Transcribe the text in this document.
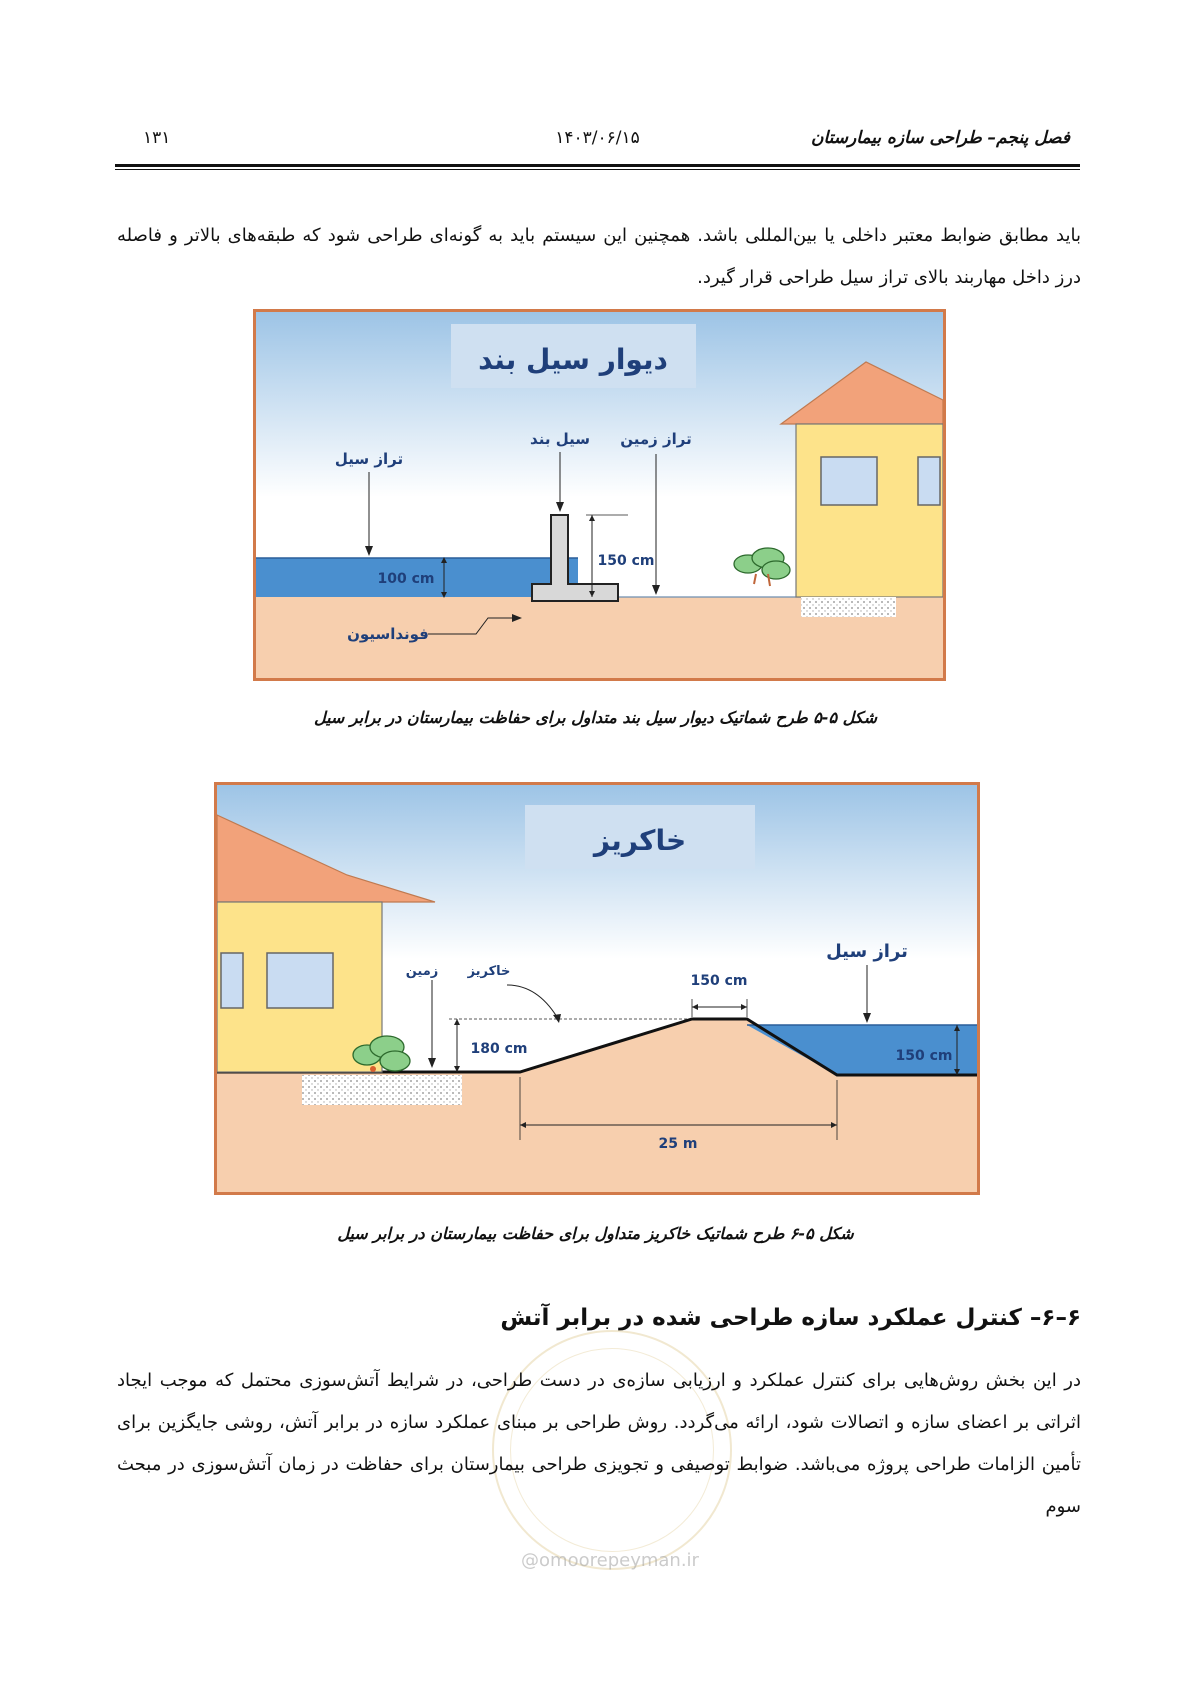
فصل پنجم– طراحی سازه بیمارستان
۱۴۰۳/۰۶/۱۵
۱۳۱

باید مطابق ضوابط معتبر داخلی یا بین‌المللی باشد. همچنین این سیستم باید به گونه‌ای طراحی شود که طبقه‌های بالاتر و فاصله درز داخل مهاربند بالای تراز سیل طراحی قرار گیرد.

دیوار سیل بند
تراز سیل
سیل بند تراز زمین
فونداسیون
100 cm
150 cm
شکل ۵-۵ طرح شماتیک دیوار سیل بند متداول برای حفاظت بیمارستان در برابر سیل
خاکریز
تراز سیل
زمین خاکریز
150 cm
180 cm	150 cm
25 m
شکل ۵-۶ طرح شماتیک خاکریز متداول برای حفاظت بیمارستان در برابر سیل
۶–۶– کنترل عملکرد سازه طراحی شده در برابر آتش
@omoorepeyman.ir

در این بخش روش‌هایی برای کنترل عملکرد و ارزیابی سازه‌ی در دست طراحی، در شرایط آتش‌سوزی محتمل که موجب ایجاد اثراتی بر اعضای سازه و اتصالات شود، ارائه می‌گردد. روش طراحی بر مبنای عملکرد سازه در برابر آتش، روشی جایگزین برای تأمین الزامات طراحی پروژه می‌باشد. ضوابط توصیفی و تجویزی طراحی بیمارستان برای حفاظت در زمان آتش‌سوزی در مبحث سوم
